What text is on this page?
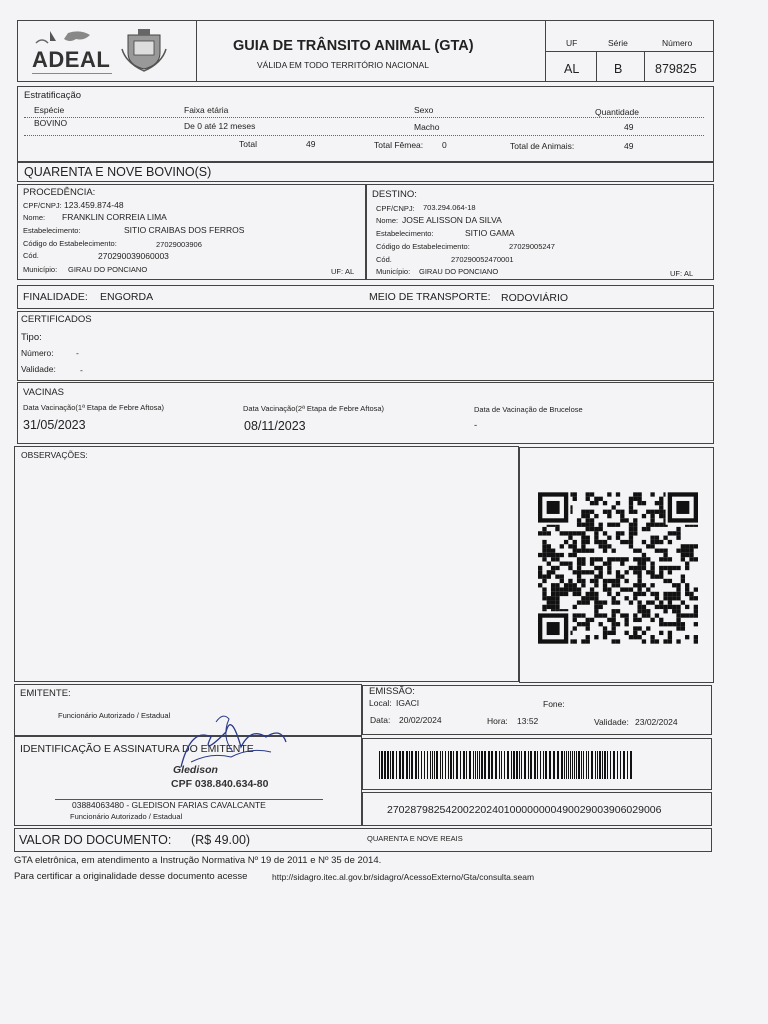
ADEAL
GUIA DE TRÂNSITO ANIMAL (GTA)
VÁLIDA EM TODO TERRITÓRIO NACIONAL
UF	Série	Número
AL	B	879825
Estratificação
Espécie	Faixa etária	Sexo	Quantidade
BOVINO	De 0 até 12 meses	Macho	49
Total	49	Total Fêmea: 0	Total de Animais:	49
QUARENTA E NOVE BOVINO(S)
PROCEDÊNCIA:
CPF/CNPJ: 123.459.874-48
Nome: FRANKLIN CORREIA LIMA
Estabelecimento:	SITIO CRAIBAS DOS FERROS
Código do Estabelecimento:	27029003906
Cód.	270290039060003
Município: GIRAU DO PONCIANO	UF: AL
DESTINO:
CPF/CNPJ: 703.294.064-18
Nome: JOSE ALISSON DA SILVA
Estabelecimento:	SITIO GAMA
Código do Estabelecimento:	27029005247
Cód.	270290052470001
Município: GIRAU DO PONCIANO	UF: AL
FINALIDADE: ENGORDA	MEIO DE TRANSPORTE: RODOVIÁRIO
CERTIFICADOS
Tipo:
Número:	-
Validade:	-
VACINAS
Data Vacinação(1ª Etapa de Febre Aftosa)
31/05/2023
Data Vacinação(2ª Etapa de Febre Aftosa)
08/11/2023
Data de Vacinação de Brucelose
-
OBSERVAÇÕES:
EMITENTE:
Funcionário Autorizado / Estadual
EMISSÃO:
Local: IGACI	Fone:
Data: 20/02/2024	Hora: 13:52	Validade: 23/02/2024
IDENTIFICAÇÃO E ASSINATURA DO EMITENTE
Gledison
CPF 038.840.634-80
03884063480 - GLEDISON FARIAS CAVALCANTE
Funcionário Autorizado / Estadual
27028798254200220240100000000490029003906029006
VALOR DO DOCUMENTO: (R$ 49.00)	QUARENTA E NOVE REAIS
GTA eletrônica, em atendimento a Instrução Normativa Nº 19 de 2011 e Nº 35 de 2014.
Para certificar a originalidade desse documento acesse	http://sidagro.itec.al.gov.br/sidagro/AcessoExterno/Gta/consulta.seam
